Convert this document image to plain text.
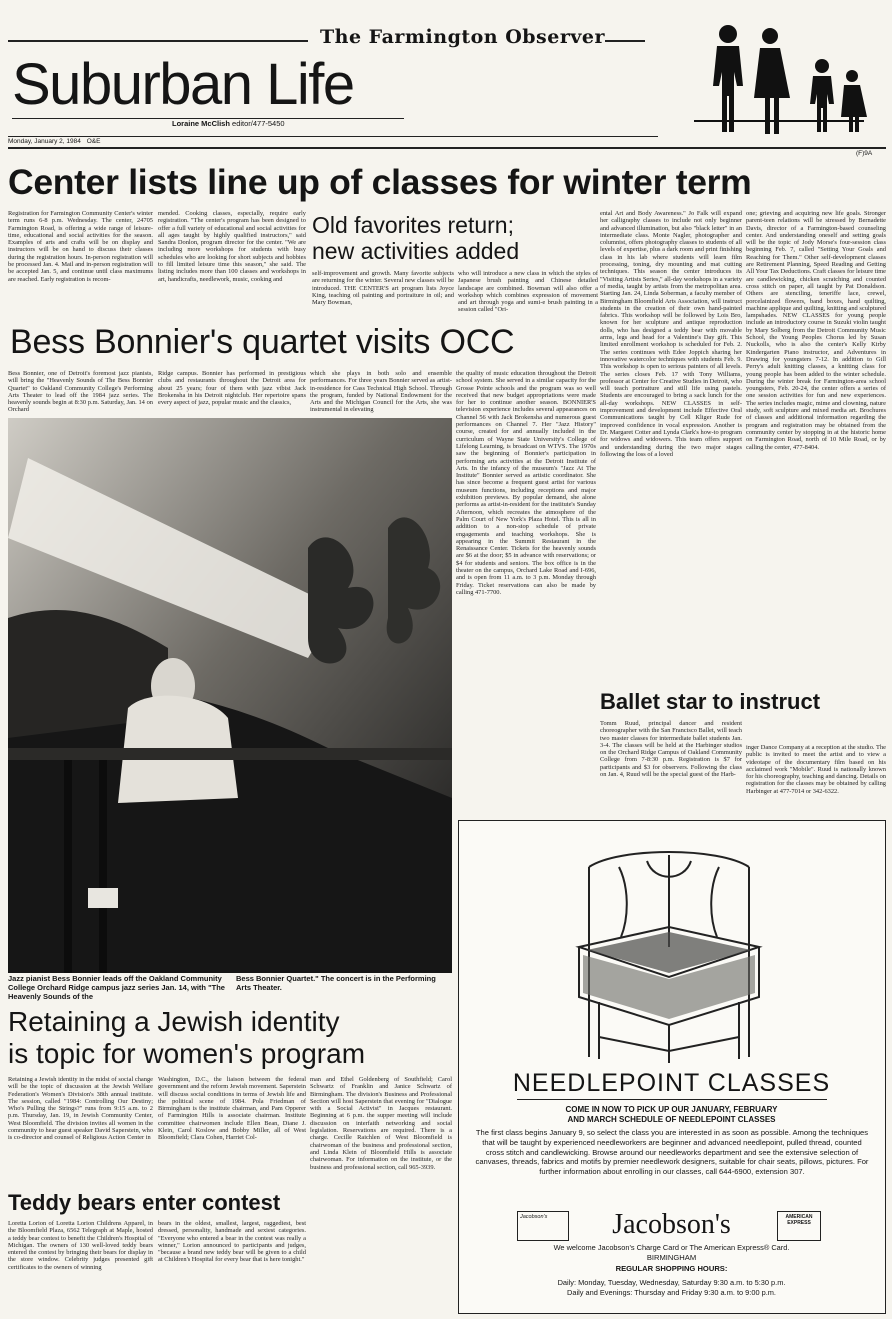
The Farmington Observer
Suburban Life
Loraine McClish editor/477-5450
Monday, January 2, 1984 O&E
(F)9A
Center lists line up of classes for winter term
Registration for Farmington Community Center's winter term runs 6-8 p.m. Wednesday. The center, 24705 Farmington Road, is offering a wide range of leisure-time, educational and social activities for the season. Examples of arts and crafts will be on display and instructors will be on hand to discuss their classes during the registration hours. In-person registration will be processed Jan. 4. Mail and in-person registration will be accepted Jan. 5, and continue until class maximums are reached. Early registration is recom-
mended. Cooking classes, especially, require early registration. "The center's program has been designed to offer a full variety of educational and social activities for all ages taught by highly qualified instructors," said Sandra Donlon, program director for the center. "We are including more workshops for students with busy schedules who are looking for short subjects and hobbies to fill limited leisure time this season," she said. The listing includes more than 100 classes and workshops in art, handicrafts, needlework, music, cooking and
Old favorites return;
new activities added
self-improvement and growth. Many favorite subjects are returning for the winter. Several new classes will be introduced. THE CENTER'S art program lists Joyce King, teaching oil painting and portraiture in oil; and Mary Bowman,
who will introduce a new class in which the styles of Japanese brush painting and Chinese detailed landscape are combined. Bowman will also offer a workshop which combines expression of movement and art through yoga and sumi-e brush painting in a session called "Ori-
ental Art and Body Awareness." Jo Falk will expand her calligraphy classes to include not only beginner and advanced illumination, but also "black letter" in an intermediate class. Monte Nagler, photographer and columnist, offers photography classes to students of all levels of expertise, plus a dark room and print finishing class in his lab where students will learn film processing, toning, dry mounting and mat cutting techniques. This season the center introduces its "Visiting Artists Series," all-day workshops in a variety of media, taught by artists from the metropolitan area. Starting Jan. 24, Linda Soberman, a faculty member of Birmingham Bloomfield Arts Association, will instruct students in the creation of their own hand-painted fabrics. This workshop will be followed by Lois Bro, known for her sculpture and antique reproduction dolls, who has designed a teddy bear with movable arms, legs and head for a Valentine's Day gift. This limited enrollment workshop is scheduled for Feb. 2. The series continues with Edee Joppich sharing her innovative watercolor techniques with students Feb. 9. This workshop is open to serious painters of all levels. The series closes Feb. 17 with Tony Williams, professor at Center for Creative Studies in Detroit, who will teach portraiture and still life using pastels. Students are encouraged to bring a sack lunch for the all-day workshops. NEW CLASSES in self-improvement and development include Effective Oral Communications taught by Cell Kliger Rude for improved confidence in vocal expression. Another is Dr. Margaret Cotter and Lynda Clark's how-to program for widows and widowers. This team offers support and understanding during the two major stages following the loss of a loved
one; grieving and acquiring new life goals. Stronger parent-teen relations will be stressed by Bernadette Davis, director of a Farmington-based counseling center. And understanding oneself and setting goals will be the topic of Jody Morse's four-session class beginning Feb. 7, called "Setting Your Goals and Reaching for Them." Other self-development classes are Retirement Planning, Speed Reading and Getting All Your Tax Deductions. Craft classes for leisure time are candlewicking, chicken scratching and counted cross stitch on paper, all taught by Pat Donaldson. Others are stenciling, teneriffe lace, crewel, porcelainized flowers, band boxes, hand quilting, machine applique and quilting, knitting and sculptured lampshades. NEW CLASSES for young people include an introductory course in Suzuki violin taught by Mary Solberg from the Detroit Community Music School, the Young Peoples Chorus led by Susan Nuckolls, who is also the center's Kelly Kirby Kindergarten Piano instructor, and Adventures in Drawing for youngsters 7-12. In addition to Gill Perry's adult knitting classes, a knitting class for young people has been added to the winter schedule. During the winter break for Farmington-area school youngsters, Feb. 20-24, the center offers a series of one session activities for fun and new experiences. The series includes magic, mime and clowning, nature study, soft sculpture and mixed media art. Brochures of classes and additional information regarding the program and registration may be obtained from the community center by stopping in at the historic home on Farmington Road, north of 10 Mile Road, or by calling the center, 477-8404.
Bess Bonnier's quartet visits OCC
Bess Bonnier, one of Detroit's foremost jazz pianists, will bring the "Heavenly Sounds of The Bess Bonnier Quartet" to Oakland Community College's Performing Arts Theater to lead off the 1984 jazz series. The heavenly sounds begin at 8:30 p.m. Saturday, Jan. 14 on Orchard
Ridge campus. Bonnier has performed in prestigious clubs and restaurants throughout the Detroit area for about 25 years; four of them with jazz vibist Jack Brokensha in his Detroit nightclub. Her repertoire spans every aspect of jazz, popular music and the classics,
which she plays in both solo and ensemble performances. For three years Bonnier served as artist-in-residence for Cass Technical High School. Through the program, funded by National Endowment for the Arts and the Michigan Council for the Arts, she was instrumental in elevating
the quality of music education throughout the Detroit school system. She served in a similar capacity for the Grosse Pointe schools and the program was so well received that new budget appropriations were made for her to continue another season. BONNIER'S television experience includes several appearances on Channel 56 with Jack Brokensha and numerous guest performances on Channel 7. Her "Jazz History" course, created for and annually included in the curriculum of Wayne State University's College of Lifelong Learning, is broadcast on WTVS. The 1970s saw the beginning of Bonnier's participation in performing arts activities at the Detroit Institute of Arts. In the infancy of the museum's "Jazz At The Institute" Bonnier served as artistic coordinator. She has since become a frequent guest artist for various museum functions, including receptions and major exhibition previews. By popular demand, she alone performs as artist-in-resident for the institute's Sunday Afternoon, which recreates the atmosphere of the Palm Court of New York's Plaza Hotel. This is all in addition to a non-stop schedule of private engagements and teaching workshops. She is appearing in the Summit Restaurant in the Renaissance Center. Tickets for the heavenly sounds are $6 at the door; $5 in advance with reservations; or $4 for students and seniors. The box office is in the theater on the campus, Orchard Lake Road and I-696, and is open from 11 a.m. to 3 p.m. Monday through Friday. Ticket reservations can also be made by calling 471-7700.
Jazz pianist Bess Bonnier leads off the Oakland Community College Orchard Ridge campus jazz series Jan. 14, with "The Heavenly Sounds of the
Bess Bonnier Quartet." The concert is in the Performing Arts Theater.
Ballet star to instruct
Tomm Ruud, principal dancer and resident choreographer with the San Francisco Ballet, will teach two master classes for intermediate ballet students Jan. 3-4. The classes will be held at the Harbinger studios on the Orchard Ridge Campus of Oakland Community College from 7-8:30 p.m. Registration is $7 for participants and $3 for observers. Following the class on Jan. 4, Ruud will be the special guest of the Harb-
inger Dance Company at a reception at the studio. The public is invited to meet the artist and to view a videotape of the documentary film based on his acclaimed work "Mobile". Ruud is nationally known for his choreography, teaching and dancing. Details on registration for the classes may be obtained by calling Harbinger at 477-7014 or 342-6322.
Retaining a Jewish identity
is topic for women's program
Retaining a Jewish identity in the midst of social change will be the topic of discussion at the Jewish Welfare Federation's Women's Division's 38th annual institute. The session, called "1984: Controlling Our Destiny; Who's Pulling the Strings?" runs from 9:15 a.m. to 2 p.m. Thursday, Jan. 19, in Jewish Community Center, West Bloomfield. The division invites all women in the community to hear guest speaker David Saperstein, who is co-director and counsel of Religious Action Center in
Washington, D.C., the liaison between the federal government and the reform Jewish movement. Saperstein will discuss social conditions in terms of Jewish life and the political scene of 1984. Pola Friedman of Birmingham is the institute chairman, and Pam Opperer of Farmington Hills is associate chairman. Institute committee chairwomen include Ellen Bean, Diane J. Klein, Carol Koslow and Bobby Miller, all of West Bloomfield; Clara Cohen, Harriet Col-
man and Ethel Goldenberg of Southfield; Carol Schwartz of Franklin and Janice Schwartz of Birmingham. The division's Business and Professional Section will host Saperstein that evening for "Dialogue with a Social Activist" in Jacques restaurant. Beginning at 6 p.m. the supper meeting will include discussion on interfaith networking and social legislation. Reservations are required. There is a charge. Cecille Raichlen of West Bloomfield is chairwoman of the business and professional section, and Linda Klein of Bloomfield Hills is associate chairwoman. For information on the institute, or the business and professional section, call 965-3939.
Teddy bears enter contest
Loretta Lorion of Loretta Lorion Childrens Apparel, in the Bloomfield Plaza, 6562 Telegraph at Maple, hosted a teddy bear contest to benefit the Children's Hospital of Michigan. The owners of 130 well-loved teddy bears entered the contest by bringing their bears for display in the store window. Celebrity judges presented gift certificates to the owners of winning
bears in the oldest, smallest, largest, raggediest, best dressed, personality, handmade and sexiest categories. "Everyone who entered a bear in the contest was really a winner," Lorion announced to participants and judges, "because a brand new teddy bear will be given to a child at Children's Hospital for every bear that is here tonight."
NEEDLEPOINT CLASSES
COME IN NOW TO PICK UP OUR JANUARY, FEBRUARY
AND MARCH SCHEDULE OF NEEDLEPOINT CLASSES
The first class begins January 9, so select the class you are interested in as soon as possible. Among the techniques that will be taught by experienced needleworkers are beginner and advanced needlepoint, pulled thread, counted cross stitch and candlewicking. Browse around our needleworks department and see the extensive selection of canvases, threads, fabrics and motifs by premier needlework designers, suitable for chair seats, pillows, pictures. For further information about enrolling in our classes, call 644-6900, extension 307.
Jacobson's	Jacobson's	AMERICAN EXPRESS
We welcome Jacobson's Charge Card or The American Express® Card.
BIRMINGHAM
REGULAR SHOPPING HOURS:
Daily: Monday, Tuesday, Wednesday, Saturday 9:30 a.m. to 5:30 p.m.
Daily and Evenings: Thursday and Friday 9:30 a.m. to 9:00 p.m.
